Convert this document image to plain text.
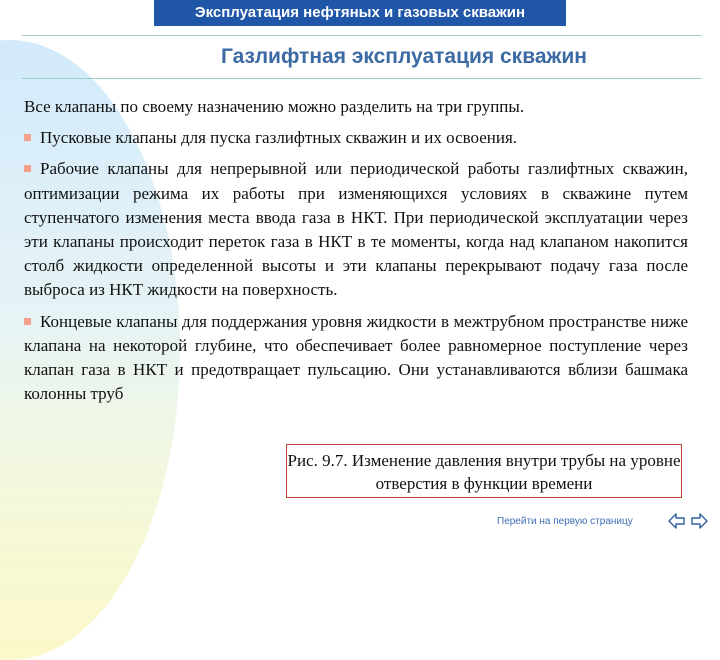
Эксплуатация нефтяных и газовых скважин
Газлифтная эксплуатация скважин

Все клапаны по своему назначению можно разделить на три группы.

Пусковые клапаны для пуска газлифтных скважин и их освоения.

Рабочие клапаны для непрерывной или периодической работы газлифтных скважин, оптимизации режима их работы при изменяющихся условиях в скважине путем ступенчатого изменения места ввода газа в НКТ. При периодической эксплуатации через эти клапаны происходит переток газа в НКТ в те моменты, когда над клапаном накопится столб жидкости определенной высоты и эти клапаны перекрывают подачу газа после выброса из НКТ жидкости на поверхность.

Концевые клапаны для поддержания уровня жидкости в межтрубном пространстве ниже клапана на некоторой глубине, что обеспечивает более равномерное поступление через клапан газа в НКТ и предотвращает пульсацию. Они устанавливаются вблизи башмака колонны труб

Рис. 9.7. Изменение давления внутри трубы на уровне отверстия в функции времени
Перейти на первую страницу
